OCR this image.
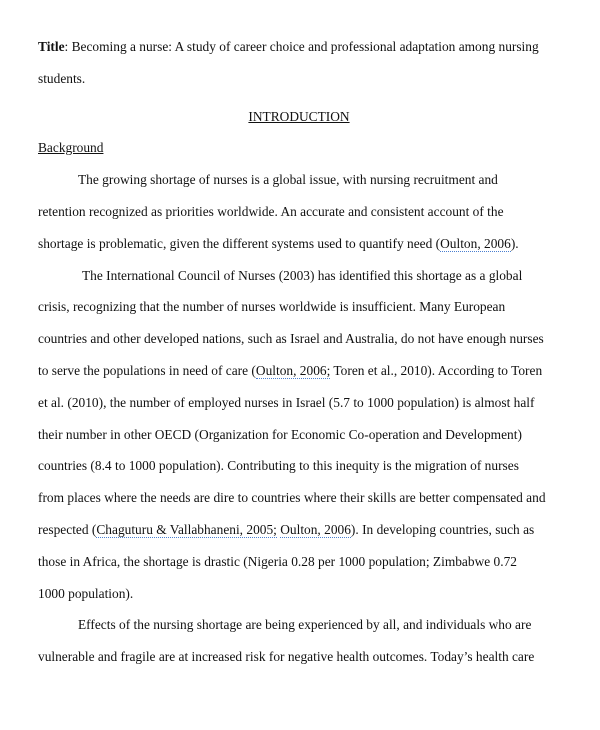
Title: Becoming a nurse: A study of career choice and professional adaptation among nursing
students.
INTRODUCTION
Background
The growing shortage of nurses is a global issue, with nursing recruitment and
retention recognized as priorities worldwide. An accurate and consistent account of the
shortage is problematic, given the different systems used to quantify need (Oulton, 2006).
The International Council of Nurses (2003) has identified this shortage as a global
crisis, recognizing that the number of nurses worldwide is insufficient. Many European
countries and other developed nations, such as Israel and Australia, do not have enough nurses
to serve the populations in need of care (Oulton, 2006; Toren et al., 2010). According to Toren
et al. (2010), the number of employed nurses in Israel (5.7 to 1000 population) is almost half
their number in other OECD (Organization for Economic Co-operation and Development)
countries (8.4 to 1000 population). Contributing to this inequity is the migration of nurses
from places where the needs are dire to countries where their skills are better compensated and
respected (Chaguturu & Vallabhaneni, 2005; Oulton, 2006). In developing countries, such as
those in Africa, the shortage is drastic (Nigeria 0.28 per 1000 population; Zimbabwe 0.72
1000 population).
Effects of the nursing shortage are being experienced by all, and individuals who are
vulnerable and fragile are at increased risk for negative health outcomes. Today’s health care
